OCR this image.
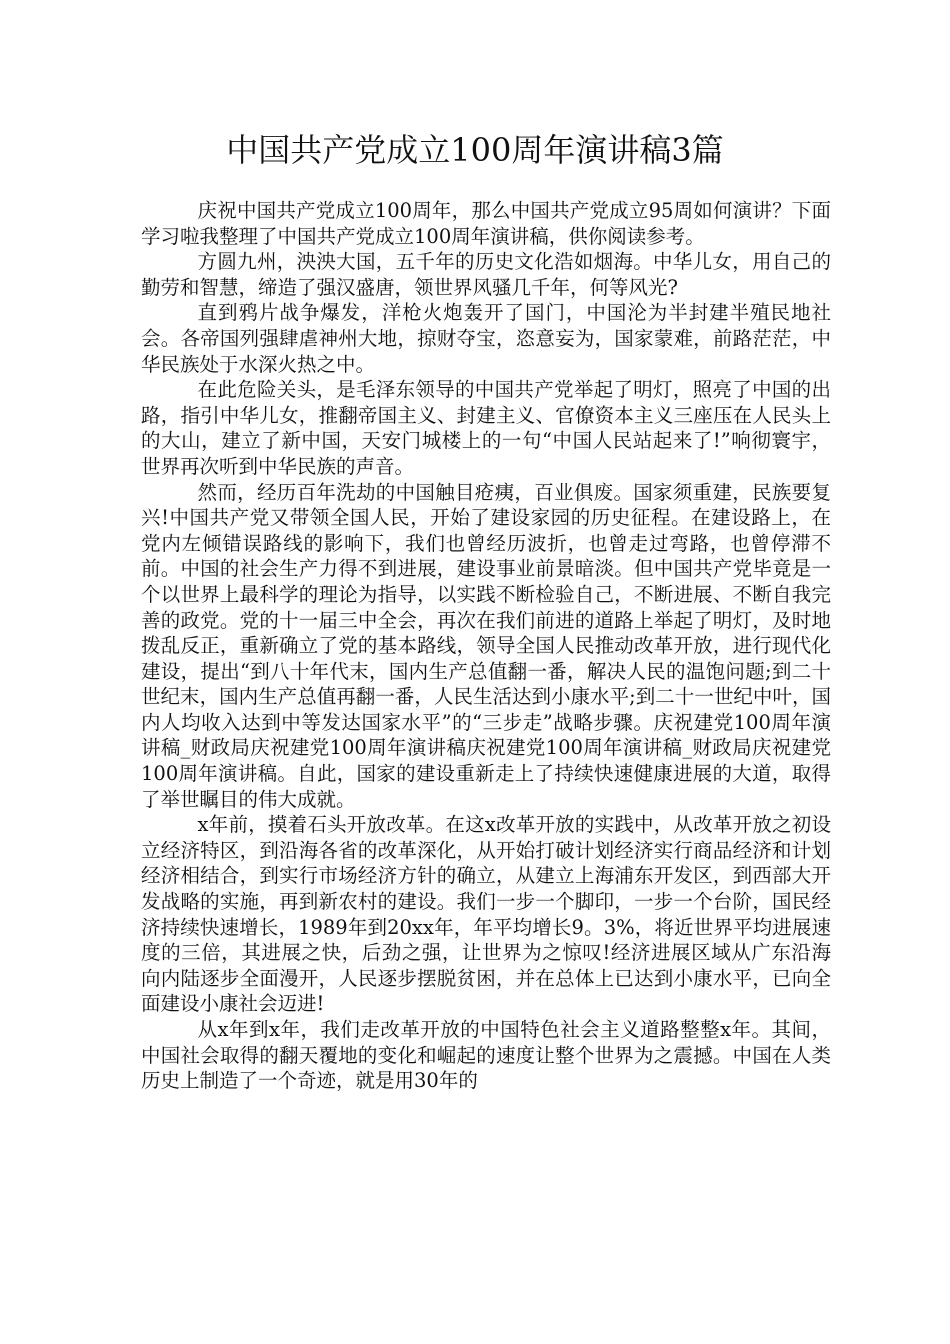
中国共产党成立100周年演讲稿3篇

庆祝中国共产党成立100周年，那么中国共产党成立95周如何演讲？下面学习啦我整理了中国共产党成立100周年演讲稿，供你阅读参考。

方圆九州，泱泱大国，五千年的历史文化浩如烟海。中华儿女，用自己的勤劳和智慧，缔造了强汉盛唐，领世界风骚几千年，何等风光?

直到鸦片战争爆发，洋枪火炮轰开了国门，中国沦为半封建半殖民地社会。各帝国列强肆虐神州大地，掠财夺宝，恣意妄为，国家蒙难，前路茫茫，中华民族处于水深火热之中。

在此危险关头，是毛泽东领导的中国共产党举起了明灯，照亮了中国的出路，指引中华儿女，推翻帝国主义、封建主义、官僚资本主义三座压在人民头上的大山，建立了新中国，天安门城楼上的一句“中国人民站起来了!”响彻寰宇，世界再次听到中华民族的声音。

然而，经历百年洗劫的中国触目疮痍，百业俱废。国家须重建，民族要复兴!中国共产党又带领全国人民，开始了建设家园的历史征程。在建设路上，在党内左倾错误路线的影响下，我们也曾经历波折，也曾走过弯路，也曾停滞不前。中国的社会生产力得不到进展，建设事业前景暗淡。但中国共产党毕竟是一个以世界上最科学的理论为指导，以实践不断检验自己，不断进展、不断自我完善的政党。党的十一届三中全会，再次在我们前进的道路上举起了明灯，及时地拨乱反正，重新确立了党的基本路线，领导全国人民推动改革开放，进行现代化建设，提出“到八十年代末，国内生产总值翻一番，解决人民的温饱问题;到二十世纪末，国内生产总值再翻一番，人民生活达到小康水平;到二十一世纪中叶，国内人均收入达到中等发达国家水平”的“三步走”战略步骤。庆祝建党100周年演讲稿_财政局庆祝建党100周年演讲稿庆祝建党100周年演讲稿_财政局庆祝建党100周年演讲稿。自此，国家的建设重新走上了持续快速健康进展的大道，取得了举世瞩目的伟大成就。

x年前，摸着石头开放改革。在这x改革开放的实践中，从改革开放之初设立经济特区，到沿海各省的改革深化，从开始打破计划经济实行商品经济和计划经济相结合，到实行市场经济方针的确立，从建立上海浦东开发区，到西部大开发战略的实施，再到新农村的建设。我们一步一个脚印，一步一个台阶，国民经济持续快速增长，1989年到20xx年，年平均增长9。3%，将近世界平均进展速度的三倍，其进展之快，后劲之强，让世界为之惊叹!经济进展区域从广东沿海向内陆逐步全面漫开，人民逐步摆脱贫困，并在总体上已达到小康水平，已向全面建设小康社会迈进!

从x年到x年，我们走改革开放的中国特色社会主义道路整整x年。其间，中国社会取得的翻天覆地的变化和崛起的速度让整个世界为之震撼。中国在人类历史上制造了一个奇迹，就是用30年的
